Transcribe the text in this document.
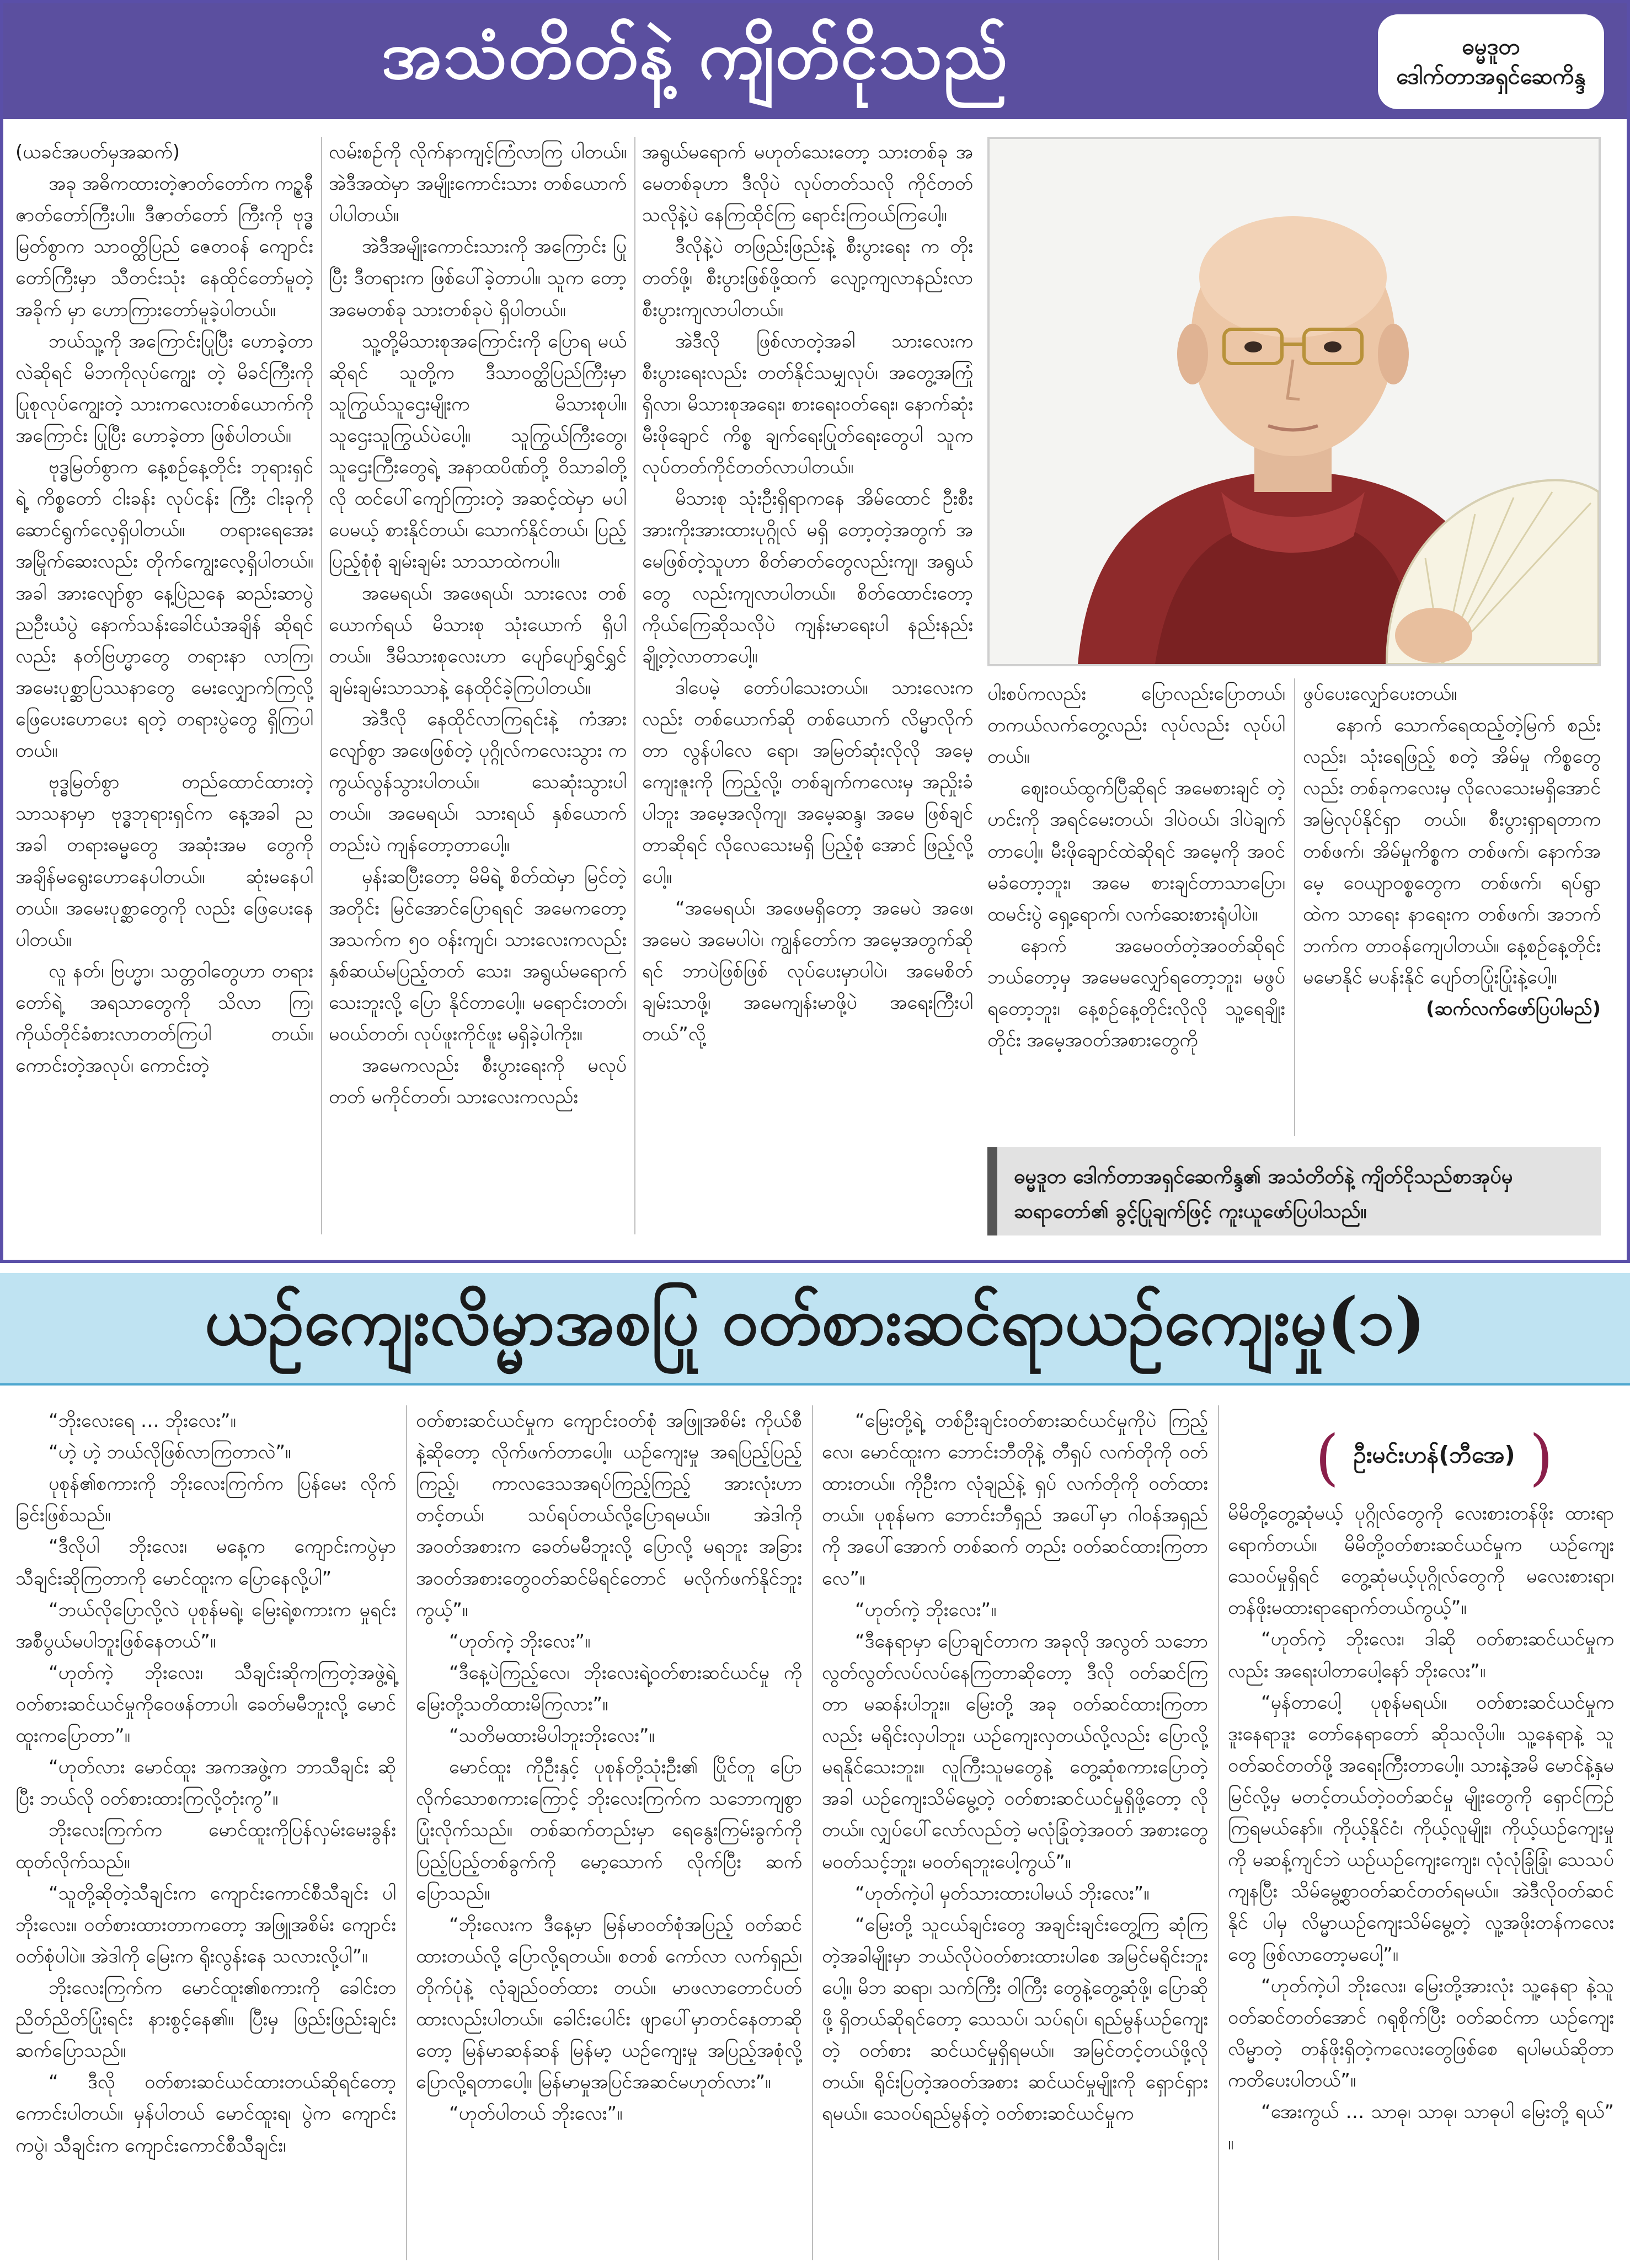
အသံတိတ်နဲ့ ကျိတ်ငိုသည်	ဓမ္မဒူတ
ဒေါက်တာအရှင်ဆေကိန္ဒ

(ယခင်အပတ်မှအဆက်)

အခု အဓိကထားတဲ့ဇာတ်တော်က ကဥ္စနီ ဇာတ်တော်ကြီးပါ။ ဒီဇာတ်တော် ကြီးကို ဗုဒ္ဓမြတ်စွာက သာဝတ္ထိပြည် ဇေတဝန် ကျောင်းတော်ကြီးမှာ သီတင်းသုံး နေထိုင်တော်မူတဲ့အခိုက် မှာ ဟောကြားတော်မူခဲ့ပါတယ်။

ဘယ်သူ့ကို အကြောင်းပြုပြီး ဟောခဲ့တာလဲဆိုရင် မိဘကိုလုပ်ကျွေး တဲ့ မိခင်ကြီးကို ပြုစုလုပ်ကျွေးတဲ့ သားကလေးတစ်ယောက်ကိုအကြောင်း ပြုပြီး ဟောခဲ့တာ ဖြစ်ပါတယ်။

ဗုဒ္ဓမြတ်စွာက နေ့စဉ်နေ့တိုင်း ဘုရားရှင်ရဲ့ ကိစ္စတော် ငါးခန်း လုပ်ငန်း ကြီး ငါးခုကို ဆောင်ရွက်လေ့ရှိပါတယ်။ တရားရေအေး အမြိုက်ဆေးလည်း တိုက်ကျွေးလေ့ရှိပါတယ်။ အခါ အားလျော်စွာ နေ့ပြဲညနေ ဆည်းဆာပွဲ ညဦးယံပွဲ နောက်သန်းခေါင်ယံအချိန် ဆိုရင်လည်း နတ်ဗြဟ္မာတွေ တရားနာ လာကြ၊ အမေးပုစ္ဆာပြဿနာတွေ မေးလျှောက်ကြလို့ ဖြေပေးဟောပေး ရတဲ့ တရားပွဲတွေ ရှိကြပါတယ်။

ဗုဒ္ဓမြတ်စွာ တည်ထောင်ထားတဲ့ သာသနာမှာ ဗုဒ္ဓဘုရားရှင်က နေ့အခါ ညအခါ တရားဓမ္မတွေ အဆုံးအမ တွေကို အချိန်မရွေးဟောနေပါတယ်။ ဆုံးမနေပါတယ်။ အမေးပုစ္ဆာတွေကို လည်း ဖြေပေးနေပါတယ်။

လူ နတ်၊ ဗြဟ္မာ၊ သတ္တဝါတွေဟာ တရားတော်ရဲ့ အရသာတွေကို သိလာ ကြ၊ ကိုယ်တိုင်ခံစားလာတတ်ကြပါ တယ်။ ကောင်းတဲ့အလုပ်၊ ကောင်းတဲ့

လမ်းစဉ်ကို လိုက်နာကျင့်ကြံလာကြ ပါတယ်။ အဲဒီအထဲမှာ အမျိုးကောင်းသား တစ်ယောက်ပါပါတယ်။

အဲဒီအမျိုးကောင်းသားကို အကြောင်း ပြုပြီး ဒီတရားက ဖြစ်ပေါ်ခဲ့တာပါ။ သူက တော့ အမေတစ်ခု သားတစ်ခုပဲ ရှိပါတယ်။

သူ့တို့မိသားစုအကြောင်းကို ပြောရ မယ်ဆိုရင် သူတို့က ဒီသာဝတ္ထိပြည်ကြီးမှာ သူကြွယ်သူဌေးမျိုးက မိသားစုပါ။ သူဌေးသူကြွယ်ပဲပေါ့။ သူကြွယ်ကြီးတွေ၊ သူဌေးကြီးတွေရဲ့ အနာထပိဏ်တို့ ဝိသာခါတို့လို ထင်ပေါ်ကျော်ကြားတဲ့ အဆင့်ထဲမှာ မပါပေမယ့် စားနိုင်တယ်၊ သောက်နိုင်တယ်၊ ပြည့်ပြည့်စုံစုံ ချမ်းချမ်း သာသာထဲကပါ။

အမေရယ်၊ အဖေရယ်၊ သားလေး တစ်ယောက်ရယ် မိသားစု သုံးယောက် ရှိပါ တယ်။ ဒီမိသားစုလေးဟာ ပျော်ပျော်ရွှင်ရွှင် ချမ်းချမ်းသာသာနဲ့ နေထိုင်ခဲ့ကြပါတယ်။

အဲဒီလို နေထိုင်လာကြရင်းနဲ့ ကံအား လျော်စွာ အဖေဖြစ်တဲ့ ပုဂ္ဂိုလ်ကလေးသွား က ကွယ်လွန်သွားပါတယ်။ သေဆုံးသွားပါ တယ်။ အမေရယ်၊ သားရယ် နှစ်ယောက် တည်းပဲ ကျန်တော့တာပေါ့။

မှန်းဆပြီးတော့ မိမိရဲ့ စိတ်ထဲမှာ မြင်တဲ့အတိုင်း မြင်အောင်ပြောရရင် အမေကတော့ အသက်က ၅၀ ဝန်းကျင်၊ သားလေးကလည်း နှစ်ဆယ်မပြည့်တတ် သေး၊ အရွယ်မရောက်သေးဘူးလို့ ပြော နိုင်တာပေါ့။ မရောင်းတတ်၊ မဝယ်တတ်၊ လုပ်ဖူးကိုင်ဖူး မရှိခဲ့ပါကိုး။

အမေကလည်း စီးပွားရေးကို မလုပ် တတ် မကိုင်တတ်၊ သားလေးကလည်း

အရွယ်မရောက် မဟုတ်သေးတော့ သားတစ်ခု အမေတစ်ခုဟာ ဒီလိုပဲ လုပ်တတ်သလို ကိုင်တတ်သလိုနဲ့ပဲ နေကြထိုင်ကြ ရောင်းကြဝယ်ကြပေါ့။

ဒီလိုနဲ့ပဲ တဖြည်းဖြည်းနဲ့ စီးပွားရေး က တိုးတတ်ဖို့၊ စီးပွားဖြစ်ဖို့ထက် လျော့ကျလာနည်းလာစီးပွားကျလာပါတယ်။

အဲဒီလို ဖြစ်လာတဲ့အခါ သားလေးက စီးပွားရေးလည်း တတ်နိုင်သမျှလုပ်၊ အတွေ့အကြုံရှိလာ၊ မိသားစုအရေး၊ စားရေးဝတ်ရေး၊ နောက်ဆုံး မီးဖိုချောင် ကိစ္စ ချက်ရေးပြုတ်ရေးတွေပါ သူက လုပ်တတ်ကိုင်တတ်လာပါတယ်။

မိသားစု သုံးဦးရှိရာကနေ အိမ်ထောင် ဦးစီး အားကိုးအားထားပုဂ္ဂိုလ် မရှိ တော့တဲ့အတွက် အမေဖြစ်တဲ့သူဟာ စိတ်ဓာတ်တွေလည်းကျ၊ အရွယ်တွေ လည်းကျလာပါတယ်။ စိတ်ထောင်းတော့ ကိုယ်ကြေဆိုသလိုပဲ ကျန်းမာရေးပါ နည်းနည်းချို့တဲ့လာတာပေါ့။

ဒါပေမဲ့ တော်ပါသေးတယ်။ သားလေးကလည်း တစ်ယောက်ဆို တစ်ယောက် လိမ္မာလိုက်တာ လွန်ပါလေ ရော၊ အမြတ်ဆုံးလိုလို အမေ့ကျေးဇူးကို ကြည့်လို့၊ တစ်ချက်ကလေးမှ အညှိုးခံ ပါဘူး အမေ့အလိုကျ၊ အမေ့ဆန္ဒ၊ အမေ ဖြစ်ချင်တာဆိုရင် လိုလေသေးမရှိ ပြည့်စုံ အောင် ဖြည့်လို့ပေါ့။

“အမေရယ်၊ အဖေမရှိတော့ အမေပဲ အဖေ၊ အမေပဲ အမေပါပဲ၊ ကျွန်တော်က အမေ့အတွက်ဆိုရင် ဘာပဲဖြစ်ဖြစ် လုပ်ပေးမှာပါပဲ၊ အမေစိတ်ချမ်းသာဖို့၊ အမေကျန်းမာဖို့ပဲ အရေးကြီးပါတယ်”လို့

ပါးစပ်ကလည်း ပြောလည်းပြောတယ်၊ တကယ်လက်တွေ့လည်း လုပ်လည်း လုပ်ပါတယ်။

ဈေးဝယ်ထွက်ပြီဆိုရင် အမေစားချင် တဲ့ဟင်းကို အရင်မေးတယ်၊ ဒါပဲဝယ်၊ ဒါပဲချက်တာပေါ့။ မီးဖိုချောင်ထဲဆိုရင် အမေ့ကို အဝင်မခံတော့ဘူး၊ အမေ စားချင်တာသာပြော၊ ထမင်းပွဲ ရှေ့ရောက်၊ လက်ဆေးစားရုံပါပဲ။

နောက် အမေဝတ်တဲ့အဝတ်ဆိုရင် ဘယ်တော့မှ အမေမလျှော်ရတော့ဘူး၊ မဖွပ်ရတော့ဘူး၊ နေ့စဉ်နေ့တိုင်းလိုလို သူ့ရေချိုးတိုင်း အမေ့အဝတ်အစားတွေကို

ဖွပ်ပေးလျှော်ပေးတယ်။

နောက် သောက်ရေထည့်တဲ့မြက် စည်းလည်း၊ သုံးရေဖြည့် စတဲ့ အိမ်မှု ကိစ္စတွေလည်း တစ်ခုကလေးမှ လိုလေသေးမရှိအောင် အမြဲလုပ်နိုင်ရှာ တယ်။ စီးပွားရှာရတာက တစ်ဖက်၊ အိမ်မှုကိစ္စက တစ်ဖက်၊ နောက်အမေ့ ဝေယျာဝစ္စတွေက တစ်ဖက်၊ ရပ်ရွာ ထဲက သာရေး နာရေးက တစ်ဖက်၊ အဘက်ဘက်က တာဝန်ကျေပါတယ်။ နေ့စဉ်နေ့တိုင်း မမောနိုင် မပန်းနိုင် ပျော်တပြုံးပြုံးနဲ့ပေါ့။

(ဆက်လက်ဖော်ပြပါမည်)

ဓမ္မဒူတ ဒေါက်တာအရှင်ဆေကိန္ဒ၏ အသံတိတ်နဲ့ ကျိတ်ငိုသည်စာအုပ်မှ ဆရာတော်၏ ခွင့်ပြုချက်ဖြင့် ကူးယူဖော်ပြပါသည်။
ယဉ်ကျေးလိမ္မာအစပြု ဝတ်စားဆင်ရာယဉ်ကျေးမှု(၁)

“ဘိုးလေးရေ … ဘိုးလေး”။

“ဟဲ့ ဟဲ့ ဘယ်လိုဖြစ်လာကြတာလဲ”။

ပုစုန်၏စကားကို ဘိုးလေးကြက်က ပြန်မေး လိုက်ခြင်းဖြစ်သည်။

“ဒီလိုပါ ဘိုးလေး၊ မနေ့က ကျောင်းကပွဲမှာ သီချင်းဆိုကြတာကို မောင်ထူးက ပြောနေလို့ပါ”

“ဘယ်လိုပြောလို့လဲ ပုစုန်မရဲ့၊ မြေးရဲ့စကားက မှုရင်းအစီပွယ်မပါဘူးဖြစ်နေတယ်”။

“ဟုတ်ကဲ့ ဘိုးလေး၊ သီချင်းဆိုကကြတဲ့အဖွဲ့ရဲ့ ဝတ်စားဆင်ယင်မှုကိုဝေဖန်တာပါ၊ ခေတ်မမီဘူးလို့ မောင်ထူးကပြောတာ”။

“ဟုတ်လား မောင်ထူး အကအဖွဲ့က ဘာသီချင်း ဆိုပြီး ဘယ်လို ဝတ်စားထားကြလို့တုံးကွ”။

ဘိုးလေးကြက်က မောင်ထူးကိုပြန်လှမ်းမေးခွန်း ထုတ်လိုက်သည်။

“သူတို့ဆိုတဲ့သီချင်းက ကျောင်းကောင်စီသီချင်း ပါ ဘိုးလေး။ ဝတ်စားထားတာကတော့ အဖြူအစိမ်း ကျောင်းဝတ်စုံပါပဲ။ အဲဒါကို မြေးက ရိုးလွန်းနေ သလားလို့ပါ”။

ဘိုးလေးကြက်က မောင်ထူး၏စကားကို ခေါင်းတညိတ်ညိတ်ပြုံးရင်း နားစွင့်နေ၏။ ပြီးမှ ဖြည်းဖြည်းချင်း ဆက်ပြောသည်။

“ ဒီလို ဝတ်စားဆင်ယင်ထားတယ်ဆိုရင်တော့ ကောင်းပါတယ်။ မှန်ပါတယ် မောင်ထူးရ၊ ပွဲက ကျောင်းကပွဲ၊ သီချင်းက ကျောင်းကောင်စီသီချင်း၊

ဝတ်စားဆင်ယင်မှုက ကျောင်းဝတ်စုံ အဖြူအစိမ်း ကိုယ်စီနဲ့ဆိုတော့ လိုက်ဖက်တာပေါ့။ ယဉ်ကျေးမှု အရပြည့်ပြည့်ကြည့်၊ ကာလဒေသအရပ်ကြည့်ကြည့် အားလုံးဟာ တင့်တယ်၊ သပ်ရပ်တယ်လို့ပြောရမယ်။ အဲဒါကို အဝတ်အစားက ခေတ်မမီဘူးလို့ ပြောလို့ မရဘူး အခြားအဝတ်အစားတွေဝတ်ဆင်မိရင်တောင် မလိုက်ဖက်နိုင်ဘူးကွယ့်”။

“ဟုတ်ကဲ့ ဘိုးလေး”။

“ဒီနေ့ပဲကြည့်လေ၊ ဘိုးလေးရဲ့ဝတ်စားဆင်ယင်မှု ကို မြေးတို့သတိထားမိကြလား”။

“သတိမထားမိပါဘူးဘိုးလေး”။

မောင်ထူး ကိုဦးနှင့် ပုစုန်တို့သုံးဦး၏ ပြိုင်တူ ပြောလိုက်သောစကားကြောင့် ဘိုးလေးကြက်က သဘောကျစွာပြုံးလိုက်သည်။ တစ်ဆက်တည်းမှာ ရေနွေးကြမ်းခွက်ကို ပြည့်ပြည့်တစ်ခွက်ကို မော့သောက် လိုက်ပြီး ဆက်ပြောသည်။

“ဘိုးလေးက ဒီနေ့မှာ မြန်မာဝတ်စုံအပြည့် ဝတ်ဆင်ထားတယ်လို့ ပြောလို့ရတယ်။ စတစ် ကော်လာ လက်ရှည်၊ တိုက်ပုံနဲ့ လုံချည်ဝတ်ထား တယ်။ မာဖလာတောင်ပတ်ထားလည်းပါတယ်။ ခေါင်းပေါင်း ဖျာပေါ်မှာတင်နေတာဆိုတော့ မြန်မာဆန်ဆန် မြန်မာ့ ယဉ်ကျေးမှု အပြည့်အစုံလို့ ပြောလို့ရတာပေါ့။ မြန်မာမှုအပြင်အဆင်မဟုတ်လား”။

“ဟုတ်ပါတယ် ဘိုးလေး”။

“မြေးတို့ရဲ့ တစ်ဦးချင်းဝတ်စားဆင်ယင်မှုကိုပဲ ကြည့်လေ၊ မောင်ထူးက ဘောင်းဘီတိုနဲ့ တီရှပ် လက်တိုကို ဝတ်ထားတယ်။ ကိုဦးက လုံချည်နဲ့ ရှပ် လက်တိုကို ဝတ်ထားတယ်။ ပုစုန်မက ဘောင်းဘီရှည် အပေါ်မှာ ဂါဝန်အရှည်ကို အပေါ်အောက် တစ်ဆက် တည်း ဝတ်ဆင်ထားကြတာလေ”။

“ဟုတ်ကဲ့ ဘိုးလေး”။

“ဒီနေရာမှာ ပြောချင်တာက အခုလို အလွတ် သဘော လွတ်လွတ်လပ်လပ်နေကြတာဆိုတော့ ဒီလို ဝတ်ဆင်ကြတာ မဆန်းပါဘူး။ မြေးတို့ အခု ဝတ်ဆင်ထားကြတာလည်း မရိုင်းလှပါဘူး၊ ယဉ်ကျေးလှတယ်လို့လည်း ပြောလို့မရနိုင်သေးဘူး။ လူကြီးသူမတွေနဲ့ တွေ့ဆုံစကားပြောတဲ့အခါ ယဉ်ကျေးသိမ်မွေ့တဲ့ ဝတ်စားဆင်ယင်မှုရှိဖို့တော့ လိုတယ်။ လျှပ်ပေါ်လော်လည်တဲ့ မလုံခြုံတဲ့အဝတ် အစားတွေ မဝတ်သင့်ဘူး၊ မဝတ်ရဘူးပေါ့ကွယ်”။

“ဟုတ်ကဲ့ပါ မှတ်သားထားပါမယ် ဘိုးလေး”။

“မြေးတို့ သူငယ်ချင်းတွေ အချင်းချင်းတွေ့ကြ ဆုံကြတဲ့အခါမျိုးမှာ ဘယ်လိုပဲဝတ်စားထားပါစေ အမြင်မရိုင်းဘူးပေါ့။ မိဘ ဆရာ၊ သက်ကြီး ဝါကြီး တွေနဲ့တွေ့ဆုံဖို့၊ ပြောဆိုဖို့ ရှိတယ်ဆိုရင်တော့ သေသပ်၊ သပ်ရပ်၊ ရည်မွန်ယဉ်ကျေးတဲ့ ဝတ်စား ဆင်ယင်မှုရှိရမယ်။ အမြင်တင့်တယ်ဖို့လိုတယ်။ ရိုင်းပြတဲ့အဝတ်အစား ဆင်ယင်မှုမျိုးကို ရှောင်ရှား ရမယ်။ သေဝပ်ရည်မွန်တဲ့ ဝတ်စားဆင်ယင်မှုက

( ဦးမင်းဟန်(ဘီအေ) )

မိမိတို့တွေ့ဆုံမယ့် ပုဂ္ဂိုလ်တွေကို လေးစားတန်ဖိုး ထားရာရောက်တယ်။ မိမိတို့ဝတ်စားဆင်ယင်မှုက ယဉ်ကျေးသေဝပ်မှုရှိရင် တွေ့ဆုံမယ့်ပုဂ္ဂိုလ်တွေကို မလေးစားရာ၊ တန်ဖိုးမထားရာရောက်တယ်ကွယ့်”။

“ဟုတ်ကဲ့ ဘိုးလေး၊ ဒါဆို ဝတ်စားဆင်ယင်မှုက လည်း အရေးပါတာပေါ့နော် ဘိုးလေး”။

“မှန်တာပေါ့ ပုစုန်မရယ်။ ဝတ်စားဆင်ယင်မှုက ဒူးနေရာဒူး တော်နေရာတော် ဆိုသလိုပါ။ သူ့နေရာနဲ့ သူ ဝတ်ဆင်တတ်ဖို့ အရေးကြီးတာပေါ့။ သားနဲ့အမိ မောင်နဲ့နှမ မြင်လို့မှ မတင့်တယ်တဲ့ဝတ်ဆင်မှု မျိုးတွေကို ရှောင်ကြဉ်ကြရမယ်နော်။ ကိုယ့်နိုင်ငံ၊ ကိုယ့်လူမျိုး၊ ကိုယ့်ယဉ်ကျေးမှုကို မဆန့်ကျင်ဘဲ ယဉ်ယဉ်ကျေးကျေး၊ လုံလုံခြုံခြုံ၊ သေသပ်ကျနပြီး သိမ်မွေ့စွာဝတ်ဆင်တတ်ရမယ်။ အဲဒီလိုဝတ်ဆင်နိုင် ပါမှ လိမ္မာယဉ်ကျေးသိမ်မွေ့တဲ့ လူ့အဖိုးတန်ကလေး တွေ ဖြစ်လာတော့မပေါ့”။

“ဟုတ်ကဲ့ပါ ဘိုးလေး၊ မြေးတို့အားလုံး သူ့နေရာ နဲ့သူ ဝတ်ဆင်တတ်အောင် ဂရုစိုက်ပြီး ဝတ်ဆင်ကာ ယဉ်ကျေးလိမ္မာတဲ့ တန်ဖိုးရှိတဲ့ကလေးတွေဖြစ်စေ ရပါမယ်ဆိုတာ ကတိပေးပါတယ်”။

“အေးကွယ် … သာဓု၊ သာဓု၊ သာဓုပါ မြေးတို့ ရယ်” ။
